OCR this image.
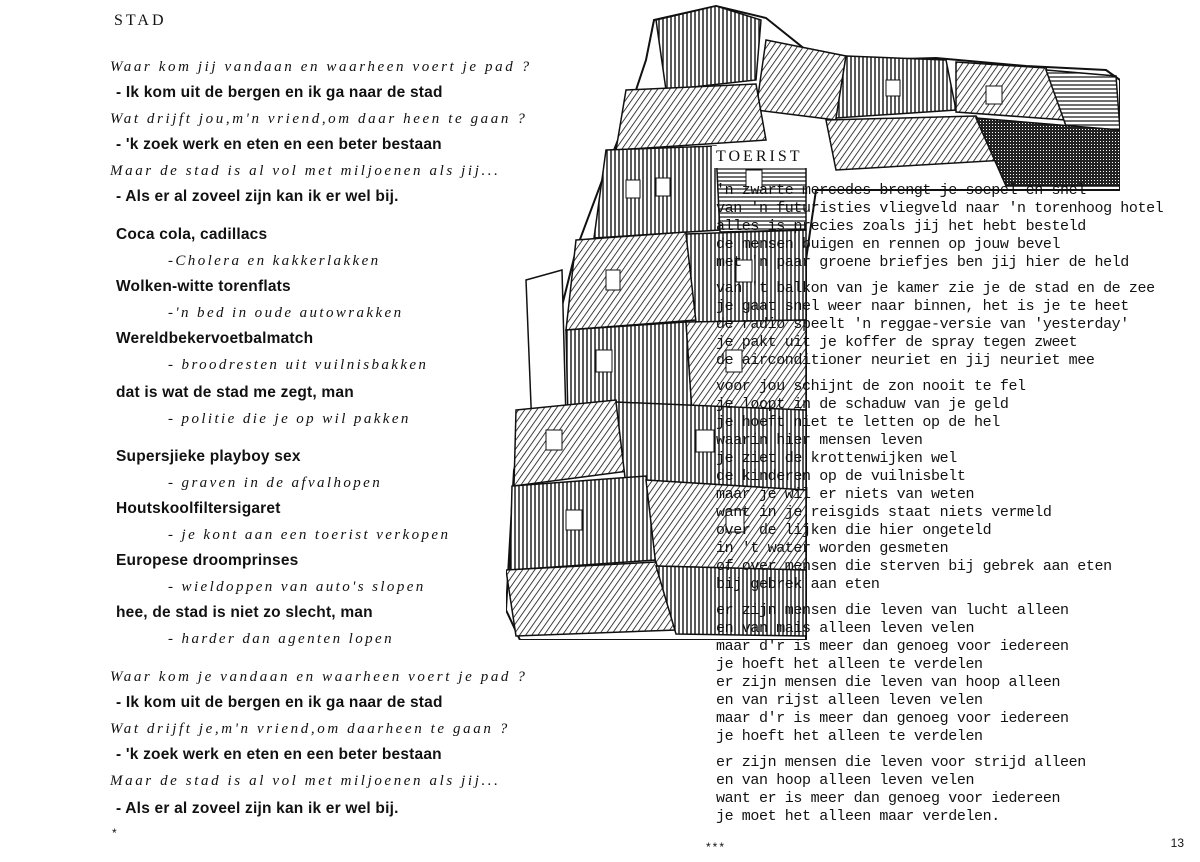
STAD
Waar kom jij vandaan en waarheen voert je pad ?
- Ik kom uit de bergen en ik ga naar de stad
Wat drijft jou,m'n vriend,om daar heen te gaan ?
- 'k zoek werk en eten en een beter bestaan
Maar de stad is al vol met miljoenen als jij...
- Als er al zoveel zijn kan ik er wel bij.
Coca cola, cadillacs
-Cholera en kakkerlakken
Wolken-witte torenflats
-'n bed in oude autowrakken
Wereldbekervoetbalmatch
- broodresten uit vuilnisbakken
dat is wat de stad me zegt, man
- politie die je op wil pakken
Supersjieke playboy sex
- graven in de afvalhopen
Houtskoolfiltersigaret
- je kont aan een toerist verkopen
Europese droomprinses
- wieldoppen van auto's slopen
hee, de stad is niet zo slecht, man
- harder dan agenten lopen
Waar kom je vandaan en waarheen voert je pad ?
- Ik kom uit de bergen en ik ga naar de stad
Wat drijft je,m'n vriend,om daarheen te gaan ?
- 'k zoek werk en eten en een beter bestaan
Maar de stad is al vol met miljoenen als jij...
- Als er al zoveel zijn kan ik er wel bij.
*
TOERIST
'n zwarte mercedes brengt je soepel en snel
van 'n futuristies vliegveld naar 'n torenhoog hotel
alles is precies zoals jij het hebt besteld
de mensen buigen en rennen op jouw bevel
met 'n paar groene briefjes ben jij hier de held
van 't balkon van je kamer zie je de stad en de zee
je gaat snel weer naar binnen, het is je te heet
de radio speelt 'n reggae-versie van 'yesterday'
je pakt uit je koffer de spray tegen zweet
de airconditioner neuriet en jij neuriet mee
voor jou schijnt de zon nooit te fel
je loopt in de schaduw van je geld
je hoeft niet te letten op de hel
waarin hier mensen leven
je ziet de krottenwijken wel
de kinderen op de vuilnisbelt
maar je wil er niets van weten
want in je reisgids staat niets vermeld
over de lijken die hier ongeteld
in 't water worden gesmeten
of over mensen die sterven bij gebrek aan eten
bij gebrek aan eten
er zijn mensen die leven van lucht alleen
en van mais alleen leven velen
maar d'r is meer dan genoeg voor iedereen
je hoeft het alleen te verdelen
er zijn mensen die leven van hoop alleen
en van rijst alleen leven velen
maar d'r is meer dan genoeg voor iedereen
je hoeft het alleen te verdelen
er zijn mensen die leven voor strijd alleen
en van hoop alleen leven velen
want er is meer dan genoeg voor iedereen
je moet het alleen maar verdelen.
***	13
